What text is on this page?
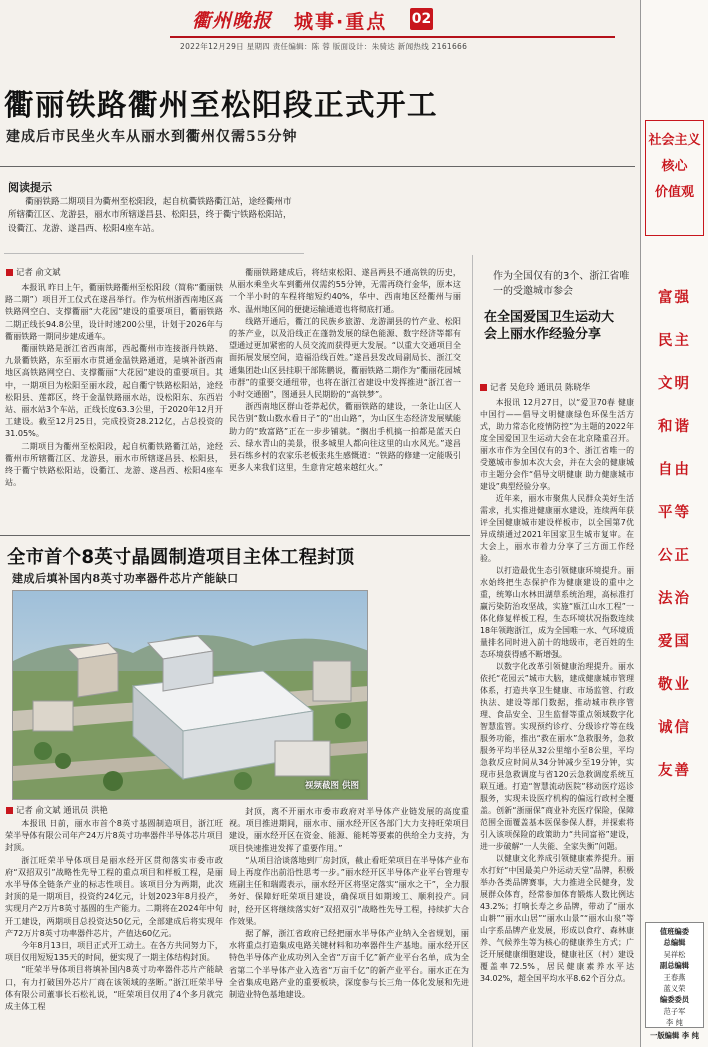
衢州晚报 城事·重点 02
2022年12月29日 星期四 责任编辑：陈 蓉 版面设计：朱骑达 新闻热线 2161666
衢丽铁路衢州至松阳段正式开工
建成后市民坐火车从丽水到衢州仅需55分钟
阅读提示
衢丽铁路二期项目为衢州至松阳段，起自杭衢铁路衢江站，途经衢州市所辖衢江区、龙游县，丽水市所辖遂昌县、松阳县，终于衢宁铁路松阳站，设衢江、龙游、遂昌西、松阳4座车站。
记者 俞文斌

本报讯 昨日上午，衢丽铁路衢州至松阳段（简称“衢丽铁路二期”）项目开工仪式在遂昌举行。作为杭州浙西南地区高铁路网空白、支撑衢丽“大花园”建设的重要项目，衢丽铁路二期正线长94.8公里，设计时速200公里，计划于2026年与衢丽铁路一期同步建成通车。

衢丽铁路是浙江省西南部，西起衢州市连接浙丹铁路、九景衢铁路，东至丽水市贯通金温铁路通道，是填补浙西南地区高铁路网空白、支撑衢丽“大花园”建设的重要项目。其中，一期项目为松阳至丽水段，起自衢宁铁路松阳站，途经松阳县、莲都区，终于金温铁路丽水站，设松阳东、东西岩站、丽水站3个车站，正线长度63.3公里，于2020年12月开工建设。截至12月25日，完成投资28.212亿，占总投资的31.05%。

二期项目为衢州至松阳段，起自杭衢铁路衢江站，途经衢州市所辖衢江区、龙游县，丽水市所辖遂昌县、松阳县，终于衢宁铁路松阳站，设衢江、龙游、遂昌西、松阳4座车站。

衢丽铁路建成后，将结束松阳、遂昌两县不通高铁的历史，从丽水乘坐火车到衢州仅需约55分钟，无需再绕行金华，原本这一个半小时的车程将缩短约40%，华中、西南地区经衢州与丽水、温州地区间的便捷运输通道也将彻底打通。

线路开通后，衢江的民族乡旅游、龙游湖县的竹产业、松阳的茶产业，以及沿线正在蓬勃发展的绿色能源、数字经济等都有望通过更加紧密的人员交流而获得更大发展。“以重大交通项目全面拓展发展空间，造福沿线百姓。”遂昌县发改局副局长、浙江交通集团赴山区县挂职干部陈鹏说，衢丽铁路二期作为“衢丽花园城市群”的重要交通纽带，也将在浙江省建设中发挥推进“浙江省一小时交通圈”，图通县人民期盼的“高铁梦”。

浙西南地区群山苍莽起伏，衢丽铁路的建设，一条让山区人民告别“数山数水看日子”的“出山路”，为山区生态经济发展赋能助力的“致富路”正在一步步铺就。“搁出手机搞一拍都是蓝天白云、绿水青山的美景，很多城里人都向往这里的山水风光。”遂昌县石练乡村的农家乐老板张兆生感慨道：“铁路的修建一定能吸引更多人来我们这里，生意肯定越来越红火。”

全市首个8英寸晶圆制造项目主体工程封顶
建成后填补国内8英寸功率器件芯片产能缺口
视频截图 供图
记者 俞文斌 通讯员 洪艳

本报讯 日前，丽水市首个8英寸基圆制造项目，浙江旺荣半导体有限公司年产24万片8英寸功率器件半导体芯片项目封顶。

浙江旺荣半导体项目是丽水经开区贯彻落实市委市政府“双招双引”战略性先导工程的重点项目和样板工程，是丽水半导体全链条产业的标志性项目。该项目分为两期，此次封顶的是一期项目，投资约24亿元，计划2023年8月投产，实现月产2万片8英寸基圆的生产能力。二期将在2024年中旬开工建设，两期项目总投资达50亿元，全部建成后将实现年产72万片8英寸功率器件芯片，产值达60亿元。

今年8月13日，项目正式开工动土。在各方共同努力下，项目仅用短短135天的时间，便实现了一期主体结构封顶。

“旺荣半导体项目将填补国内8英寸功率器件芯片产能缺口，有力打破国外芯片厂商在该领域的垄断。”浙江旺荣半导体有限公司董事长石松礼说，“旺荣项目仅用了4个多月就完成主体工程

封顶，离不开丽水市委市政府对半导体产业链发展的高度重视。项目推进期间，丽水市、丽水经开区各部门大力支持旺荣项目建设，丽水经开区在资金、能源、能耗等要素的供给全力支持，为项目快速推进发挥了重要作用。”

“从项目洽谈落地到厂房封顶，截止看旺荣项目在半导体产业布局上再度作出前沿性思考一步。”丽水经开区半导体产业平台管理专班副主任和瑞霞表示，丽水经开区将坚定落实“丽水之干”，全力服务好、保障好旺荣项目建设，确保项目如期竣工、顺利投产。同时，经开区将继续落实好“双招双引”战略性先导工程，持续扩大合作效果。

据了解，浙江省政府已经把丽水半导体产业纳入全省规划，丽水将重点打造集成电路关键材料和功率器件生产基地。丽水经开区特色半导体产业成功列入全省“万亩千亿”新产业平台名单，成为全省第二个半导体产业入选省“万亩千亿”的新产业平台。丽水正在为全省集成电路产业的重要板块，深度参与长三角一体化发展和先进制造业特色基地建设。

作为全国仅有的3个、浙江省唯一的受邀城市参会
在全国爱国卫生运动大会上丽水作经验分享
记者 吴危玲 通讯员 陈晓华

本报讯 12月27日，以“爱卫70春 健康中国行——倡导文明健康绿色环保生活方式，助力常态化疫情防控”为主题的2022年度全国爱国卫生运动大会在北京隆重召开。丽水市作为全国仅有的3个、浙江省唯一的受邀城市参加本次大会，并在大会的健康城市主题分会作“倡导文明健康 助力健康城市建设”典型经验分享。

近年来，丽水市聚焦人民群众美好生活需求，扎实推进健康丽水建设，连续两年获评全国健康城市建设样板市，以全国第7优异成绩通过2021年国家卫生城市复审。在大会上，丽水市着力分享了三方面工作经验。

以打造最优生态引领健康环境提升。丽水始终把生态保护作为健康建设的重中之重，统筹山水林田湖草系统治理，高标准打赢污染防治攻坚战，实施“瓯江山水工程”一体化修复样板工程，生态环境状况指数连续18年领跑浙江，成为全国唯一水、气环境质量排名同时进入前十的地级市，老百姓的生态环境获得感不断增强。

以数字化改革引领健康治理提升。丽水依托“花园云”城市大脑，建成健康城市管理体系，打造共享卫生健康、市场监管、行政执法、建设等部门数据，推动城市秩序管理、食品安全、卫生监督等重点领域数字化智慧监管。实现预约诊疗、分级诊疗等在线服务功能，推出“救在丽水”急救服务，急救服务平均半径从32公里缩小至8公里，平均急救反应时间从34分钟减少至19分钟，实现市县急救调度与省120云急救调度系统互联互通。打造“智慧流动医院”移动医疗巡诊服务，实现未设医疗机构的偏远行政村全覆盖。创新“浙丽保”商业补充医疗保险，保障范围全面覆盖基本医保参保人群，并探索将引入该项保险的政策助力“共同富裕”建设，进一步破解“一人失能、全家失衡”问题。

以健康文化养成引领健康素养提升。丽水打好“中国最美户外运动天堂”品牌，积极举办各类品牌赛事，大力推进全民健身，发展群众体育，经常参加体育锻炼人数比例达43.2%；打响长寿之乡品牌，带动了“丽水山耕”“丽水山居”“丽水山景”“丽水山泉”等山字系品牌产业发展，形成以食疗、森林康养、气候养生等为核心的健康养生方式；广泛开展健康细胞建设，健康社区（村）建设覆盖率72.5%，居民健康素养水平达34.02%，超全国平均水平8.62个百分点。

社会主义
核心
价值观
富强
民主
文明
和谐
自由
平等
公正
法治
爱国
敬业
诚信
友善
值班编委
总编辑
吴祥松
副总编辑
王春燕
蓝义荣
编委委员
范子军
李 纯
一版编辑 李 纯
